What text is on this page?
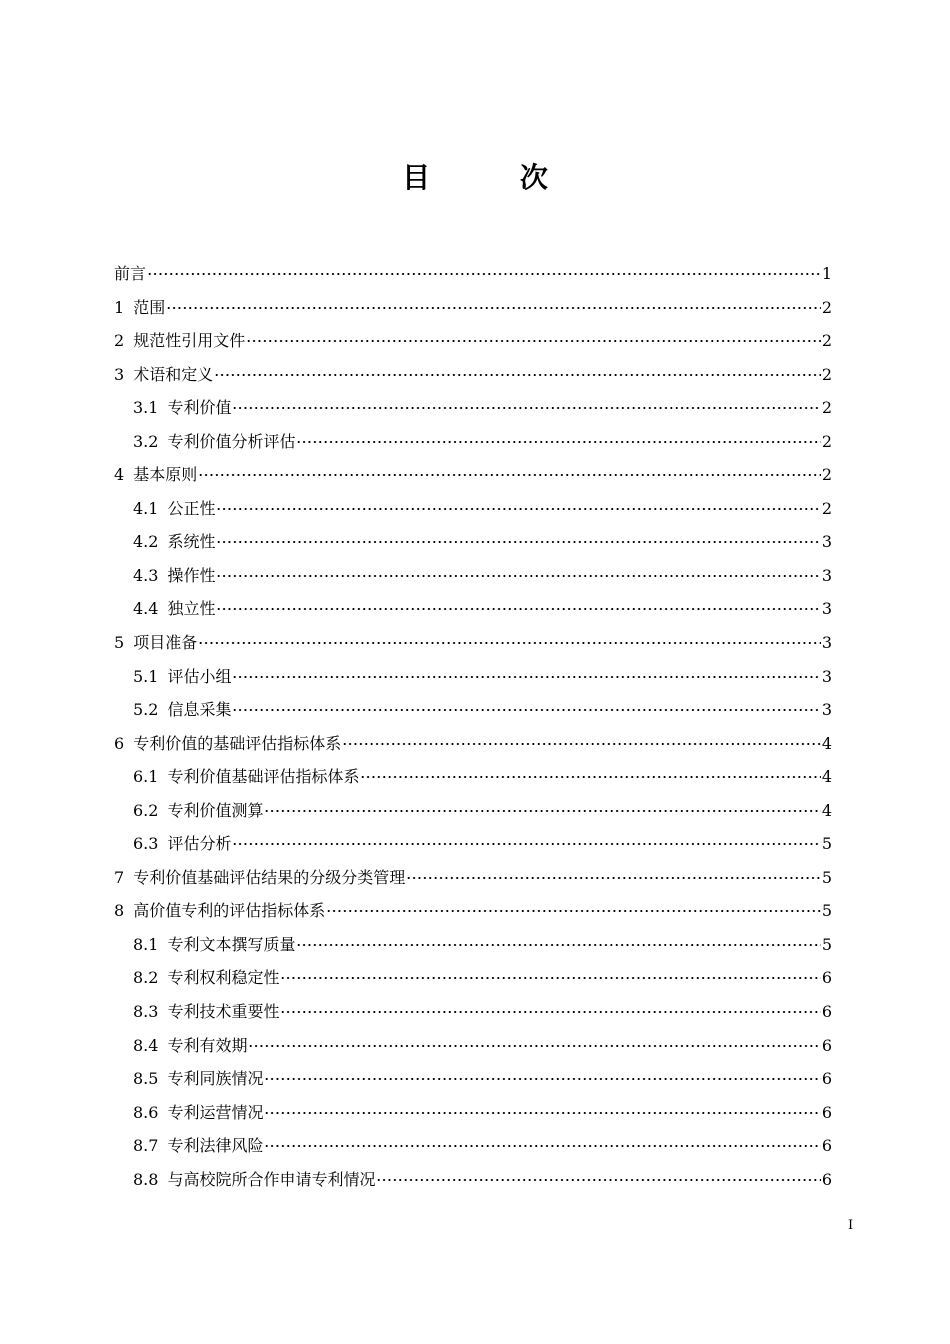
目 次
前言	1
1 范围	2
2 规范性引用文件	2
3 术语和定义	2
3.1 专利价值	2
3.2 专利价值分析评估	2
4 基本原则	2
4.1 公正性	2
4.2 系统性	3
4.3 操作性	3
4.4 独立性	3
5 项目准备	3
5.1 评估小组	3
5.2 信息采集	3
6 专利价值的基础评估指标体系	4
6.1 专利价值基础评估指标体系	4
6.2 专利价值测算	4
6.3 评估分析	5
7 专利价值基础评估结果的分级分类管理	5
8 高价值专利的评估指标体系	5
8.1 专利文本撰写质量	5
8.2 专利权利稳定性	6
8.3 专利技术重要性	6
8.4 专利有效期	6
8.5 专利同族情况	6
8.6 专利运营情况	6
8.7 专利法律风险	6
8.8 与高校院所合作申请专利情况	6
I
